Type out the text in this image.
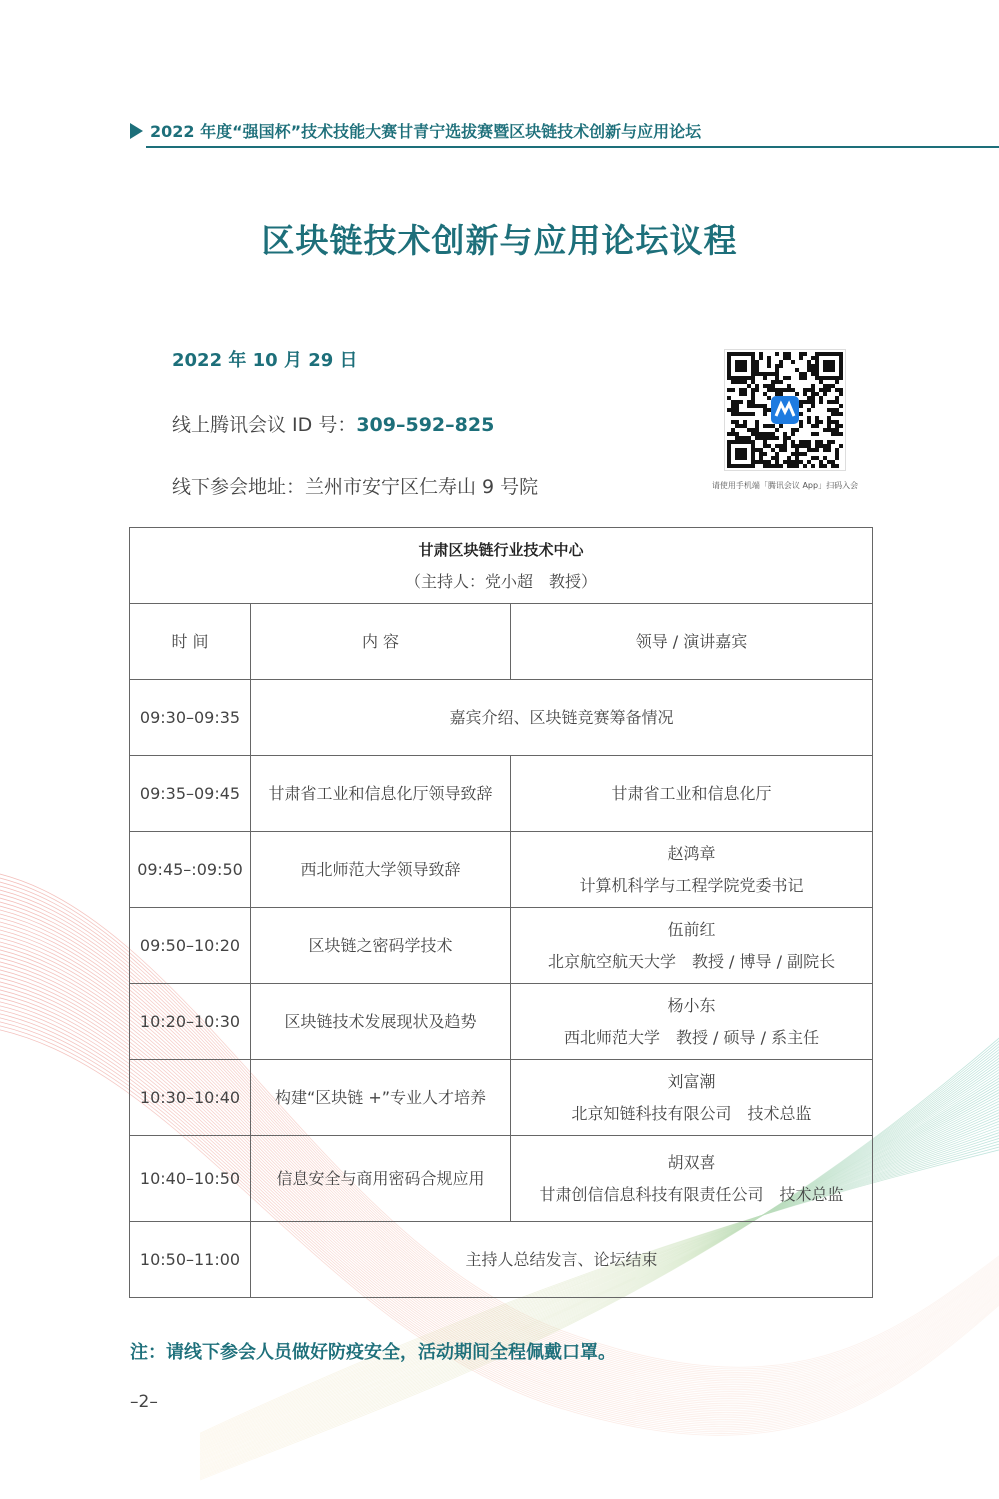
2022 年度“强国杯”技术技能大赛甘青宁选拔赛暨区块链技术创新与应用论坛
区块链技术创新与应用论坛议程
2022 年 10 月 29 日
线上腾讯会议 ID 号：309–592–825
线下参会地址：兰州市安宁区仁寿山 9 号院	请使用手机端「腾讯会议 App」扫码入会
甘肃区块链行业技术中心
（主持人：党小超　教授）		

时 间	内 容	领导 / 演讲嘉宾
09:30–09:35	嘉宾介绍、区块链竞赛筹备情况	
09:35–09:45	甘肃省工业和信息化厅领导致辞	甘肃省工业和信息化厅
09:45–:09:50	西北师范大学领导致辞	赵鸿章
计算机科学与工程学院党委书记

09:50–10:20	区块链之密码学技术	伍前红
北京航空航天大学　教授 / 博导 / 副院长

10:20–10:30	区块链技术发展现状及趋势	杨小东
西北师范大学　教授 / 硕导 / 系主任

10:30–10:40	构建“区块链 +”专业人才培养	刘富潮
北京知链科技有限公司　技术总监

10:40–10:50	信息安全与商用密码合规应用	胡双喜
甘肃创信信息科技有限责任公司　技术总监

10:50–11:00	主持人总结发言、论坛结束	
注：请线下参会人员做好防疫安全，活动期间全程佩戴口罩。
–2–
